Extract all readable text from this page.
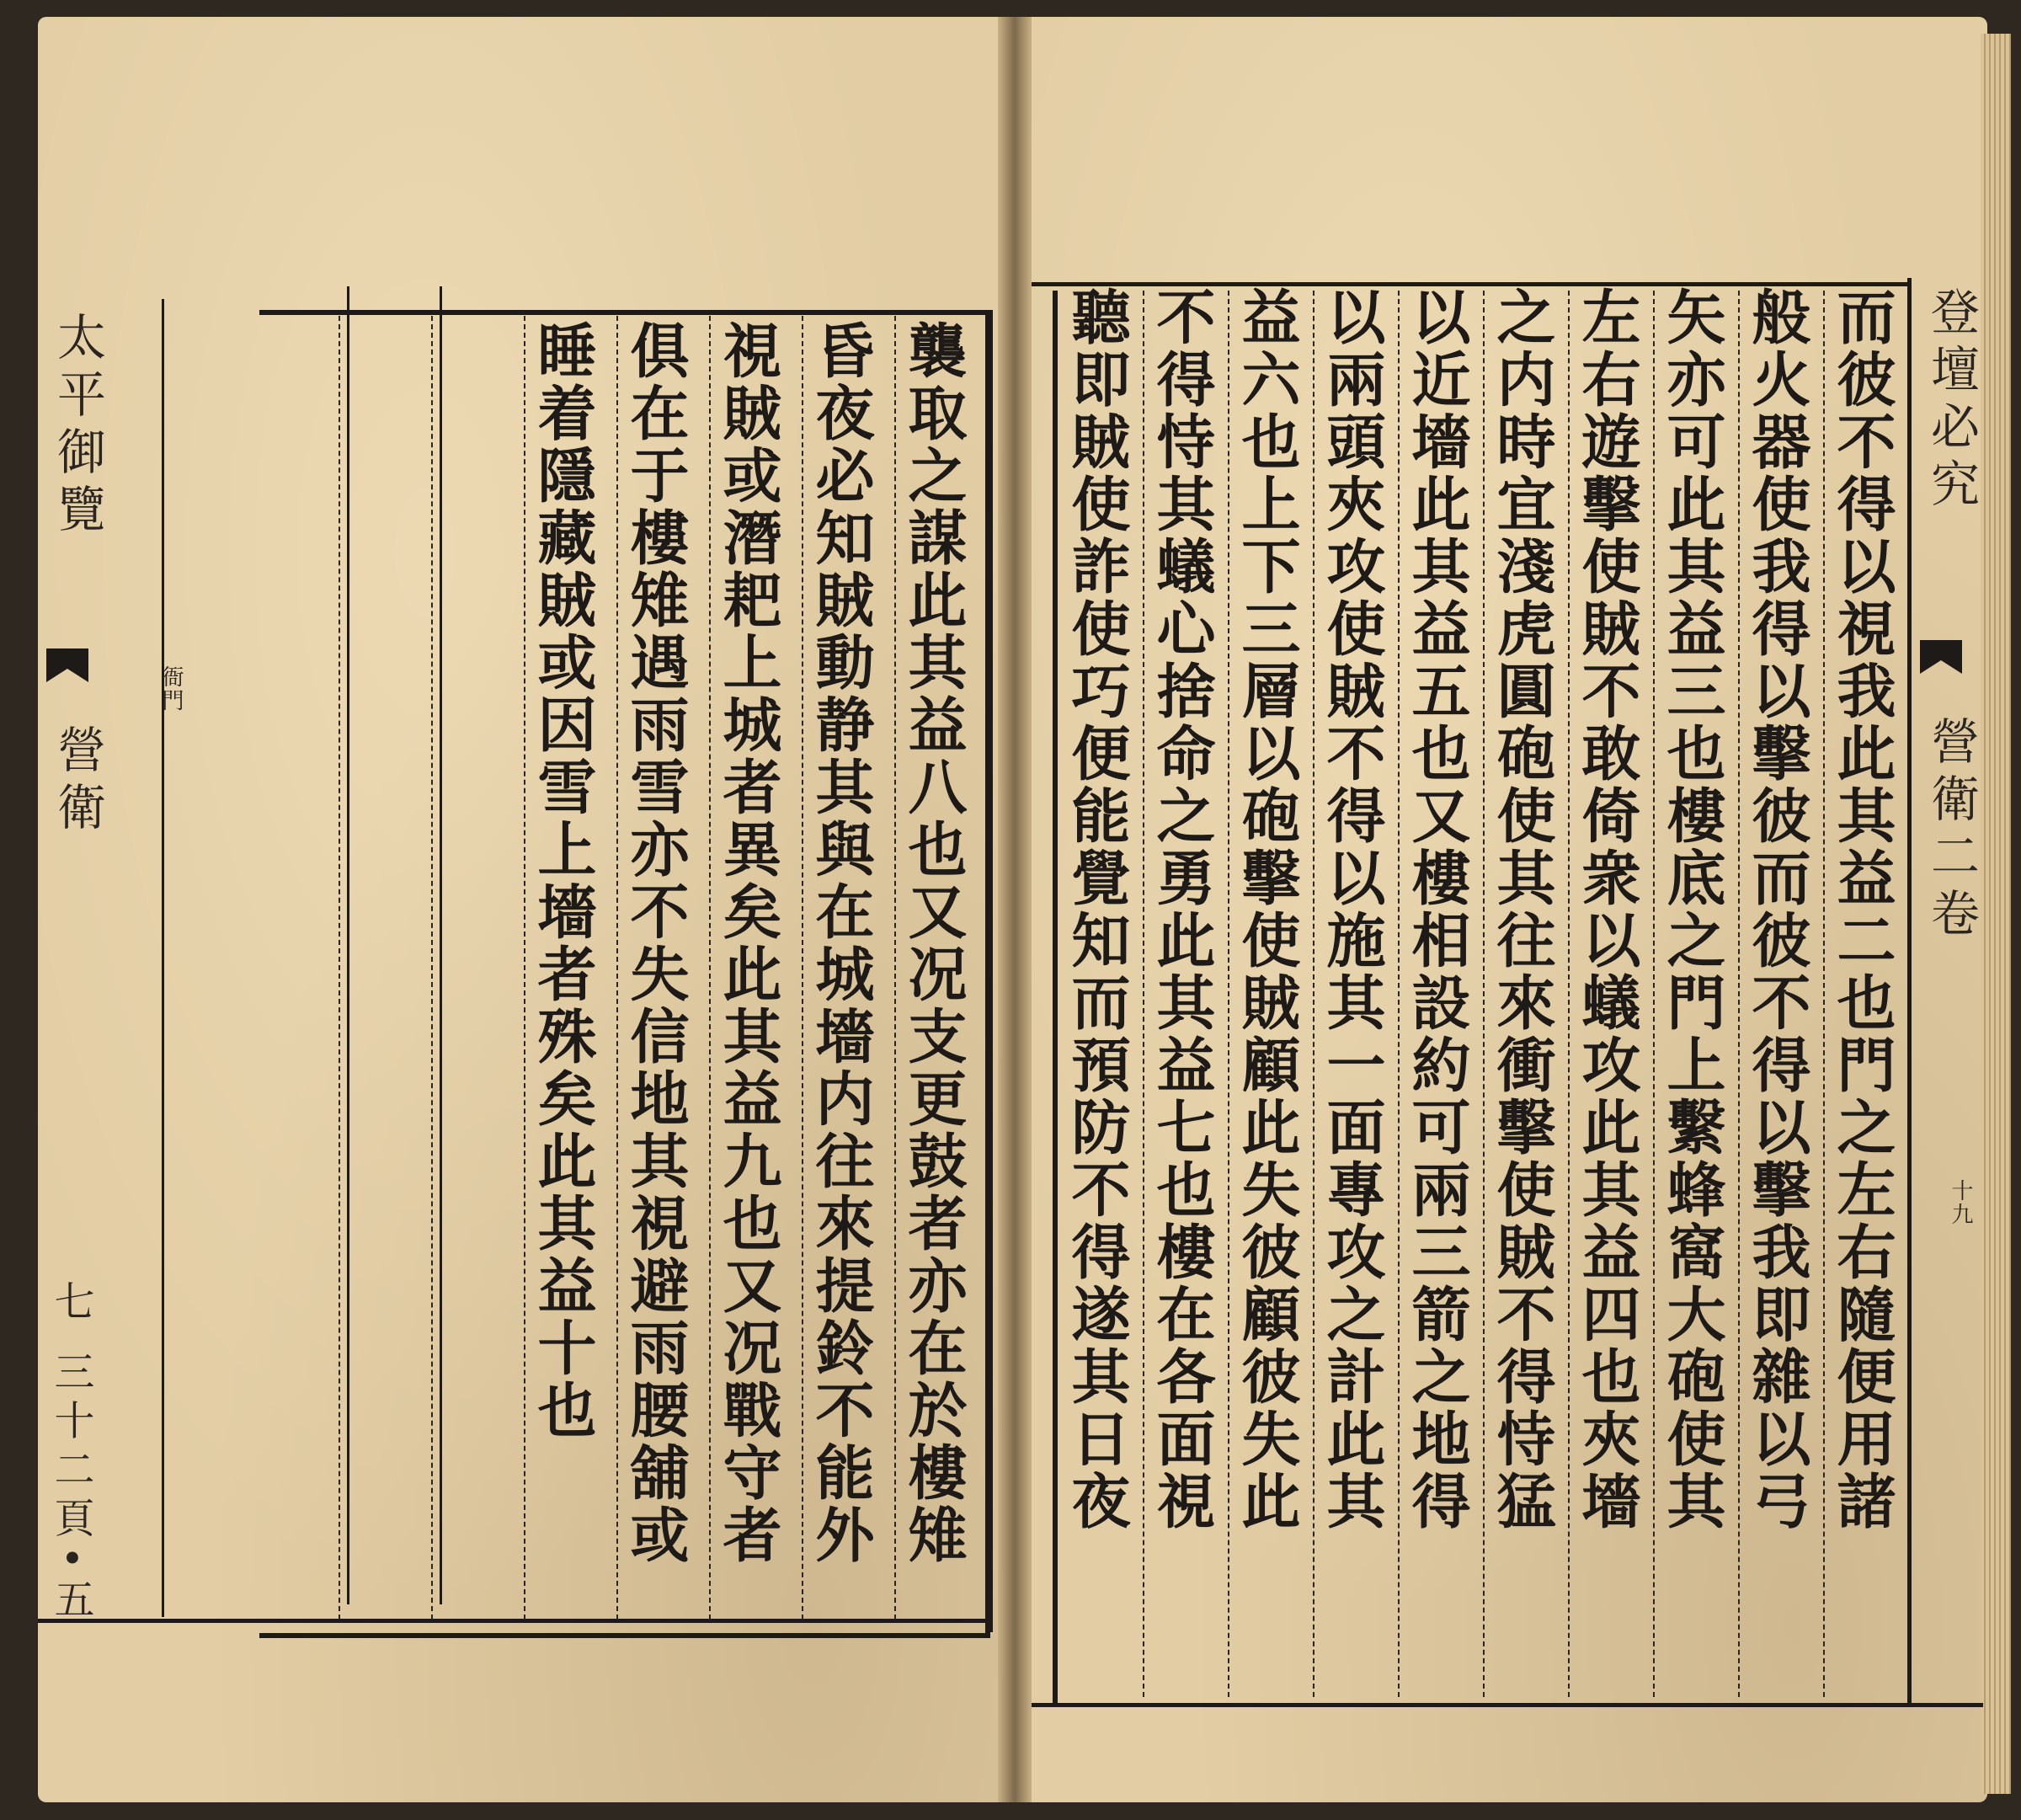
太平御覽
營衛
七 三十二頁•五
衙門	襲取之謀此其益八也又况支更鼓者亦在於樓雉
昏夜必知賊動静其與在城墻内往來提鈴不能外
視賊或潛耙上城者異矣此其益九也又况戰守者
俱在于樓雉遇雨雪亦不失信地其視避雨腰舖或
睡着隱藏賊或因雪上墻者殊矣此其益十也	登壇必究
營衛二卷
十九
而彼不得以視我此其益二也門之左右隨便用諸
般火器使我得以擊彼而彼不得以擊我即雜以弓
矢亦可此其益三也樓底之門上繫蜂窩大砲使其
左右遊擊使賊不敢倚衆以蟻攻此其益四也夾墻
之内時宜淺虎圓砲使其往來衝擊使賊不得恃猛
以近墻此其益五也又樓相設約可兩三箭之地得
以兩頭夾攻使賊不得以施其一面專攻之計此其
益六也上下三層以砲擊使賊顧此失彼顧彼失此
不得恃其蟻心捨命之勇此其益七也樓在各面視
聽即賊使詐使巧便能覺知而預防不得遂其日夜
